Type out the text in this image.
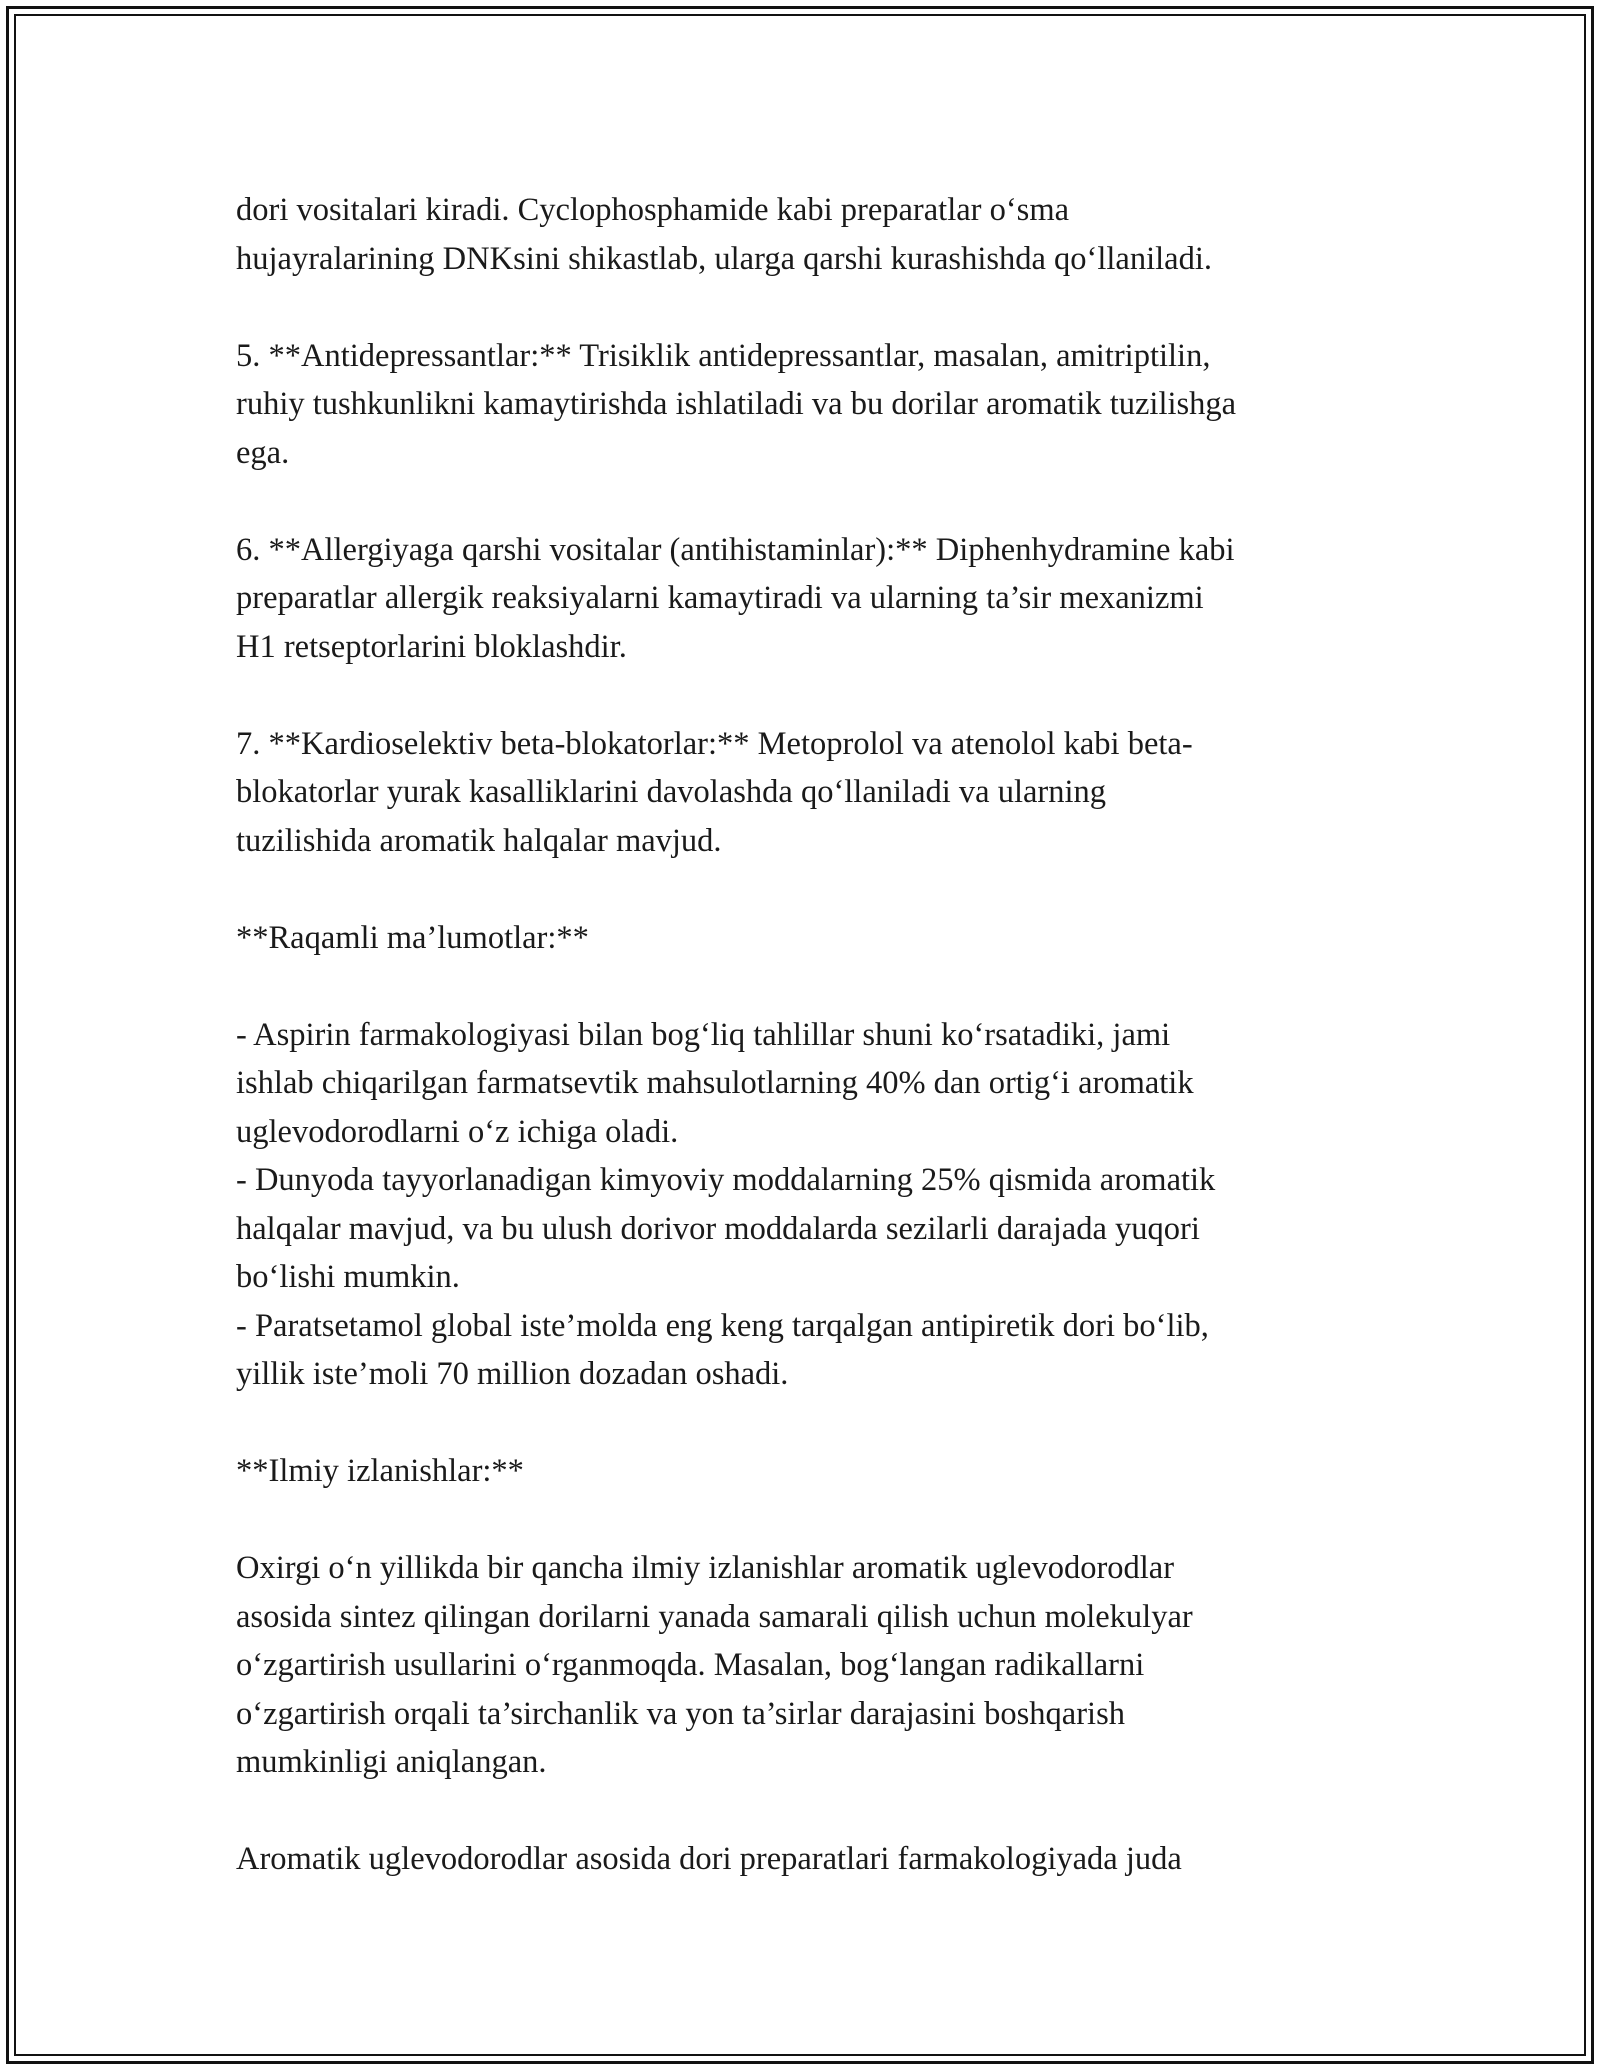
dori vositalari kiradi. Cyclophosphamide kabi preparatlar o‘sma
hujayralarining DNKsini shikastlab, ularga qarshi kurashishda qo‘llaniladi.

5. **Antidepressantlar:** Trisiklik antidepressantlar, masalan, amitriptilin,
ruhiy tushkunlikni kamaytirishda ishlatiladi va bu dorilar aromatik tuzilishga
ega.

6. **Allergiyaga qarshi vositalar (antihistaminlar):** Diphenhydramine kabi
preparatlar allergik reaksiyalarni kamaytiradi va ularning ta’sir mexanizmi
H1 retseptorlarini bloklashdir.

7. **Kardioselektiv beta-blokatorlar:** Metoprolol va atenolol kabi beta-
blokatorlar yurak kasalliklarini davolashda qo‘llaniladi va ularning
tuzilishida aromatik halqalar mavjud.

**Raqamli ma’lumotlar:**

- Aspirin farmakologiyasi bilan bog‘liq tahlillar shuni ko‘rsatadiki, jami
ishlab chiqarilgan farmatsevtik mahsulotlarning 40% dan ortig‘i aromatik
uglevodorodlarni o‘z ichiga oladi.

- Dunyoda tayyorlanadigan kimyoviy moddalarning 25% qismida aromatik
halqalar mavjud, va bu ulush dorivor moddalarda sezilarli darajada yuqori
bo‘lishi mumkin.

- Paratsetamol global iste’molda eng keng tarqalgan antipiretik dori bo‘lib,
yillik iste’moli 70 million dozadan oshadi.

**Ilmiy izlanishlar:**

Oxirgi o‘n yillikda bir qancha ilmiy izlanishlar aromatik uglevodorodlar
asosida sintez qilingan dorilarni yanada samarali qilish uchun molekulyar
o‘zgartirish usullarini o‘rganmoqda. Masalan, bog‘langan radikallarni
o‘zgartirish orqali ta’sirchanlik va yon ta’sirlar darajasini boshqarish
mumkinligi aniqlangan.

Aromatik uglevodorodlar asosida dori preparatlari farmakologiyada juda
